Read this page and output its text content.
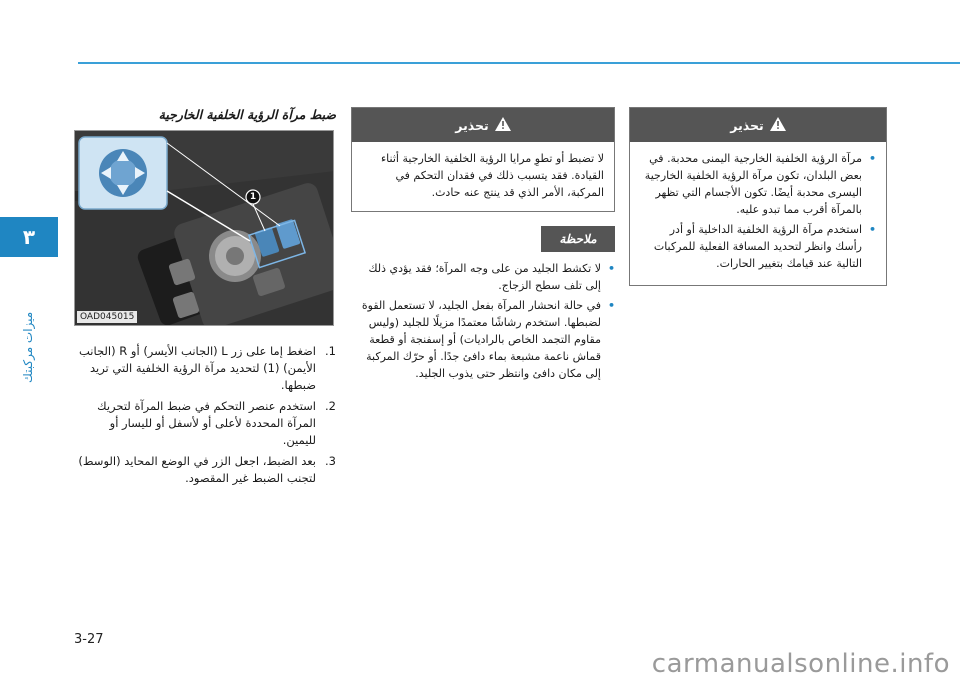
٣
ميزات مركبتك
ضبط مرآة الرؤية الخلفية الخارجية
1
OAD045015
1.
اضغط إما على زر L (الجانب الأيسر) أو R (الجانب الأيمن) (1) لتحديد مرآة الرؤية الخلفية التي تريد ضبطها.
2.
استخدم عنصر التحكم في ضبط المرآة لتحريك المرآة المحددة لأعلى أو لأسفل أو لليسار أو لليمين.
3.
بعد الضبط، اجعل الزر في الوضع المحايد (الوسط) لتجنب الضبط غير المقصود.
تحذير
لا تضبط أو تطوِ مرايا الرؤية الخلفية الخارجية أثناء القيادة. فقد يتسبب ذلك في فقدان التحكم في المركبة، الأمر الذي قد ينتج عنه حادث.
ملاحظة
•
لا تكشط الجليد من على وجه المرآة؛ فقد يؤدي ذلك إلى تلف سطح الزجاج.
•
في حالة انحشار المرآة بفعل الجليد، لا تستعمل القوة لضبطها. استخدم رشاشًا معتمدًا مزيلًا للجليد (وليس مقاوم التجمد الخاص بالراديات) أو إسفنجة أو قطعة قماش ناعمة مشبعة بماء دافئ جدًا. أو حرّك المركبة إلى مكان دافئ وانتظر حتى يذوب الجليد.
تحذير
•
مرآة الرؤية الخلفية الخارجية اليمنى محدبة. في بعض البلدان، تكون مرآة الرؤية الخلفية الخارجية اليسرى محدبة أيضًا. تكون الأجسام التي تظهر بالمرآة أقرب مما تبدو عليه.
•
استخدم مرآة الرؤية الخلفية الداخلية أو أدر رأسك وانظر لتحديد المسافة الفعلية للمركبات التالية عند قيامك بتغيير الحارات.
3-27
carmanualsonline.info
